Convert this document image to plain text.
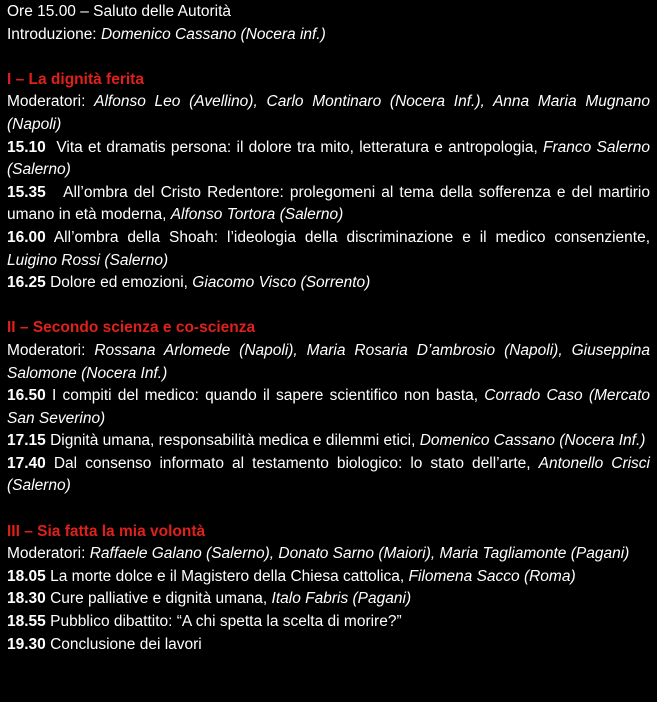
Ore 15.00 – Saluto delle Autorità

Introduzione: Domenico Cassano (Nocera inf.)

I – La dignità ferita

Moderatori: Alfonso Leo (Avellino), Carlo Montinaro (Nocera Inf.), Anna Maria Mugnano (Napoli)

15.10 Vita et dramatis persona: il dolore tra mito, letteratura e antropologia, Franco Salerno (Salerno)

15.35 All’ombra del Cristo Redentore: prolegomeni al tema della sofferenza e del martirio umano in età moderna, Alfonso Tortora (Salerno)

16.00 All’ombra della Shoah: l’ideologia della discriminazione e il medico consenziente, Luigino Rossi (Salerno)

16.25 Dolore ed emozioni, Giacomo Visco (Sorrento)

II – Secondo scienza e co-scienza

Moderatori: Rossana Arlomede (Napoli), Maria Rosaria D’ambrosio (Napoli), Giuseppina Salomone (Nocera Inf.)

16.50 I compiti del medico: quando il sapere scientifico non basta, Corrado Caso (Mercato San Severino)

17.15 Dignità umana, responsabilità medica e dilemmi etici, Domenico Cassano (Nocera Inf.)

17.40 Dal consenso informato al testamento biologico: lo stato dell’arte, Antonello Crisci (Salerno)

III – Sia fatta la mia volontà

Moderatori: Raffaele Galano (Salerno), Donato Sarno (Maiori), Maria Tagliamonte (Pagani)

18.05 La morte dolce e il Magistero della Chiesa cattolica, Filomena Sacco (Roma)

18.30 Cure palliative e dignità umana, Italo Fabris (Pagani)

18.55 Pubblico dibattito: “A chi spetta la scelta di morire?”

19.30 Conclusione dei lavori
